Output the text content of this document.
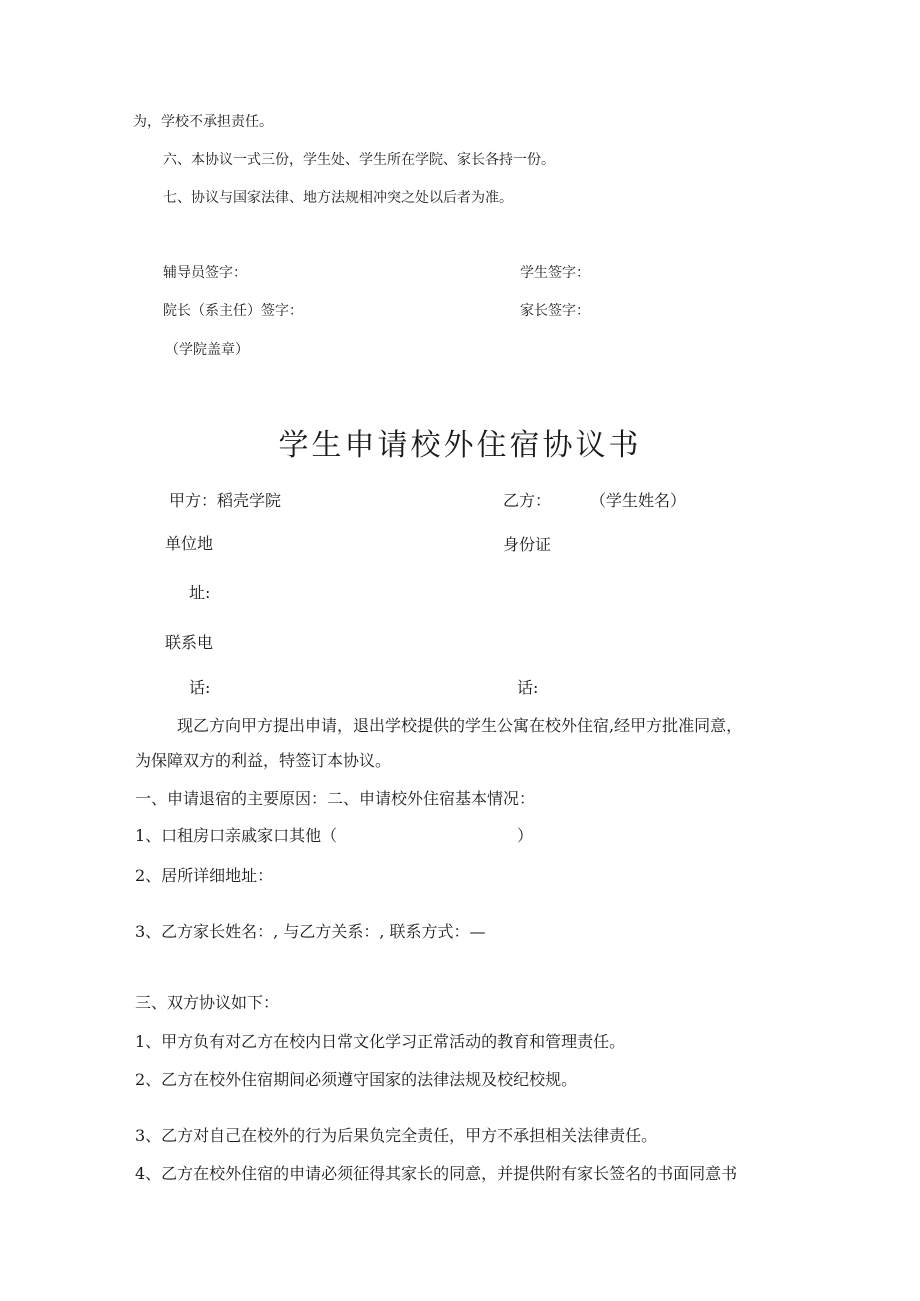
为，学校不承担责任。
六、本协议一式三份，学生处、学生所在学院、家长各持一份。
七、协议与国家法律、地方法规相冲突之处以后者为准。
辅导员签字：	学生签字：
院长（系主任）签字：	家长签字：
（学院盖章）
学生申请校外住宿协议书
甲方：稻壳学院	乙方： （学生姓名）
单位地	身份证
址:
联系电
话:	话:
现乙方向甲方提出申请，退出学校提供的学生公寓在校外住宿,经甲方批准同意，
为保障双方的利益，特签订本协议。
一、申请退宿的主要原因：二、申请校外住宿基本情况：
1、口租房口亲戚家口其他（	）
2、居所详细地址：
3、乙方家长姓名：, 与乙方关系：, 联系方式：—
三、双方协议如下：
1、甲方负有对乙方在校内日常文化学习正常活动的教育和管理责任。
2、乙方在校外住宿期间必须遵守国家的法律法规及校纪校规。
3、乙方对自己在校外的行为后果负完全责任，甲方不承担相关法律责任。
4、乙方在校外住宿的申请必须征得其家长的同意，并提供附有家长签名的书面同意书
